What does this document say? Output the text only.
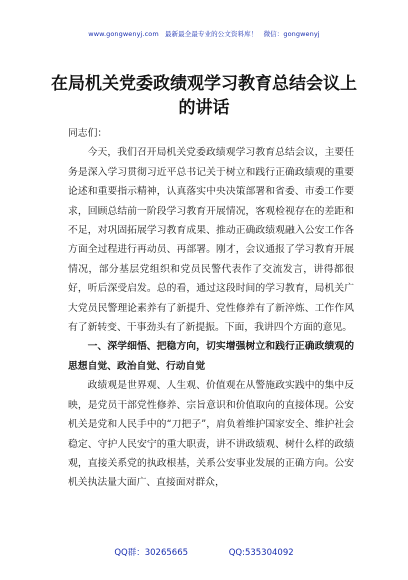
www.gongwenyj.com 最新最全最专业的公文资料库！ 微信：gongwenyj
在局机关党委政绩观学习教育总结会议上的讲话

同志们：

今天，我们召开局机关党委政绩观学习教育总结会议，主要任务是深入学习贯彻习近平总书记关于树立和践行正确政绩观的重要论述和重要指示精神，认真落实中央决策部署和省委、市委工作要求，回顾总结前一阶段学习教育开展情况，客观检视存在的差距和不足，对巩固拓展学习教育成果、推动正确政绩观融入公安工作各方面全过程进行再动员、再部署。刚才，会议通报了学习教育开展情况，部分基层党组织和党员民警代表作了交流发言，讲得都很好，听后深受启发。总的看，通过这段时间的学习教育，局机关广大党员民警理论素养有了新提升、党性修养有了新淬炼、工作作风有了新转变、干事劲头有了新提振。下面，我讲四个方面的意见。

一、深学细悟、把稳方向，切实增强树立和践行正确政绩观的思想自觉、政治自觉、行动自觉

政绩观是世界观、人生观、价值观在从警施政实践中的集中反映，是党员干部党性修养、宗旨意识和价值取向的直接体现。公安机关是党和人民手中的“刀把子”，肩负着维护国家安全、维护社会稳定、守护人民安宁的重大职责，讲不讲政绩观、树什么样的政绩观，直接关系党的执政根基，关系公安事业发展的正确方向。公安机关执法量大面广、直接面对群众，

QQ群：30265665	QQ:535304092
